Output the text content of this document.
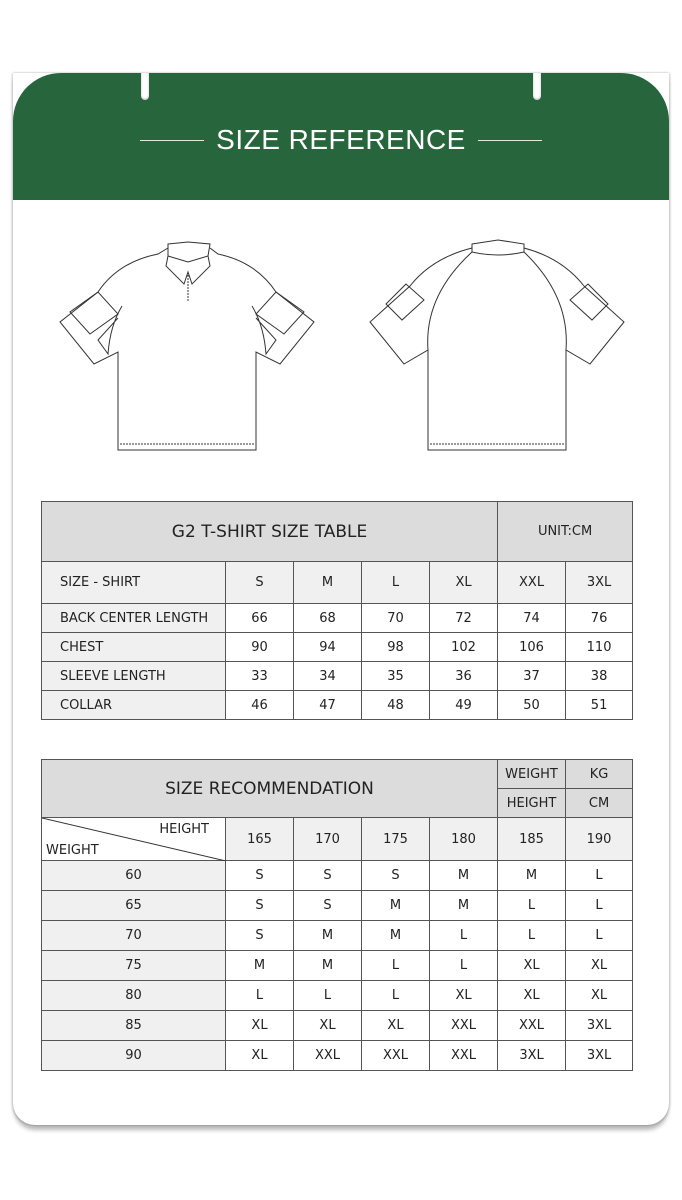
SIZE REFERENCE
G2 T-SHIRT SIZE TABLE					UNIT:CM	
SIZE - SHIRT	S	M	L	XL	XXL	3XL
BACK CENTER LENGTH	66	68	70	72	74	76
CHEST	90	94	98	102	106	110
SLEEVE LENGTH	33	34	35	36	37	38
COLLAR	46	47	48	49	50	51
SIZE RECOMMENDATION					WEIGHT	KG
					HEIGHT	CM

HEIGHT
WEIGHT	165	170	175	180	185	190
60	S	S	S	M	M	L
65	S	S	M	M	L	L
70	S	M	M	L	L	L
75	M	M	L	L	XL	XL
80	L	L	L	XL	XL	XL
85	XL	XL	XL	XXL	XXL	3XL
90	XL	XXL	XXL	XXL	3XL	3XL
